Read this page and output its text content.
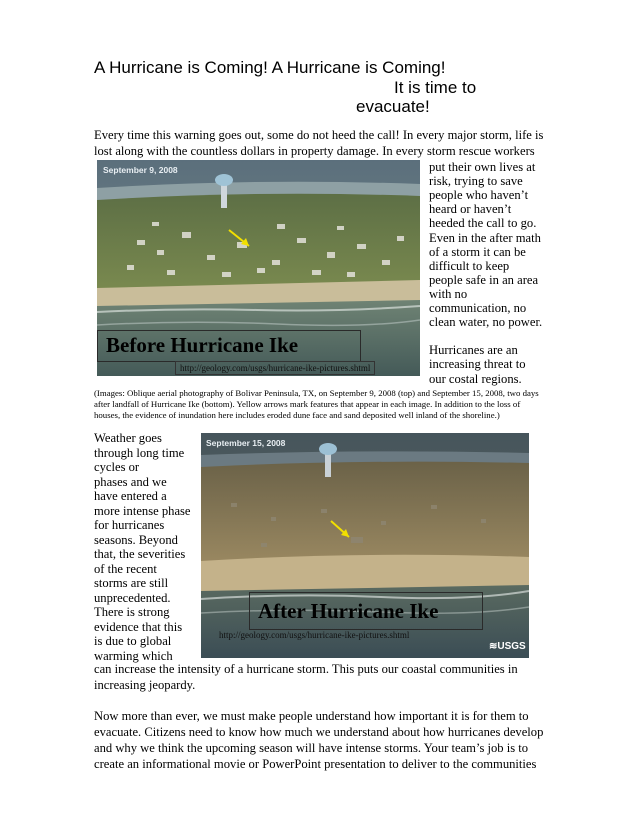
A Hurricane is Coming! A Hurricane is Coming!
It is time to
evacuate!
Every time this warning goes out, some do not heed the call! In every major storm, life is
lost along with the countless dollars in property damage. In every storm rescue workers
put their own lives at
risk, trying to save
people who haven’t
heard or haven’t
heeded the call to go.
Even in the after math
of a storm it can be
difficult to keep
people safe in an area
with no
communication, no
clean water, no power.
Hurricanes are an
increasing threat to
our costal regions.
September 9, 2008
Before Hurricane Ike
http://geology.com/usgs/hurricane-ike-pictures.shtml
(Images: Oblique aerial photography of Bolivar Peninsula, TX, on September 9, 2008 (top) and September 15, 2008, two days after landfall of Hurricane Ike (bottom). Yellow arrows mark features that appear in each image. In addition to the loss of houses, the evidence of inundation here includes eroded dune face and sand deposited well inland of the shoreline.)
Weather goes
through long time
cycles or
phases and we
have entered a
more intense phase
for hurricanes
seasons. Beyond
that, the severities
of the recent
storms are still
unprecedented.
There is strong
evidence that this
is due to global
warming which
September 15, 2008
≋USGS
After Hurricane Ike
http://geology.com/usgs/hurricane-ike-pictures.shtml
can increase the intensity of a hurricane storm. This puts our coastal communities in
increasing jeopardy.
Now more than ever, we must make people understand how important it is for them to
evacuate. Citizens need to know how much we understand about how hurricanes develop
and why we think the upcoming season will have intense storms. Your team’s job is to
create an informational movie or PowerPoint presentation to deliver to the communities
